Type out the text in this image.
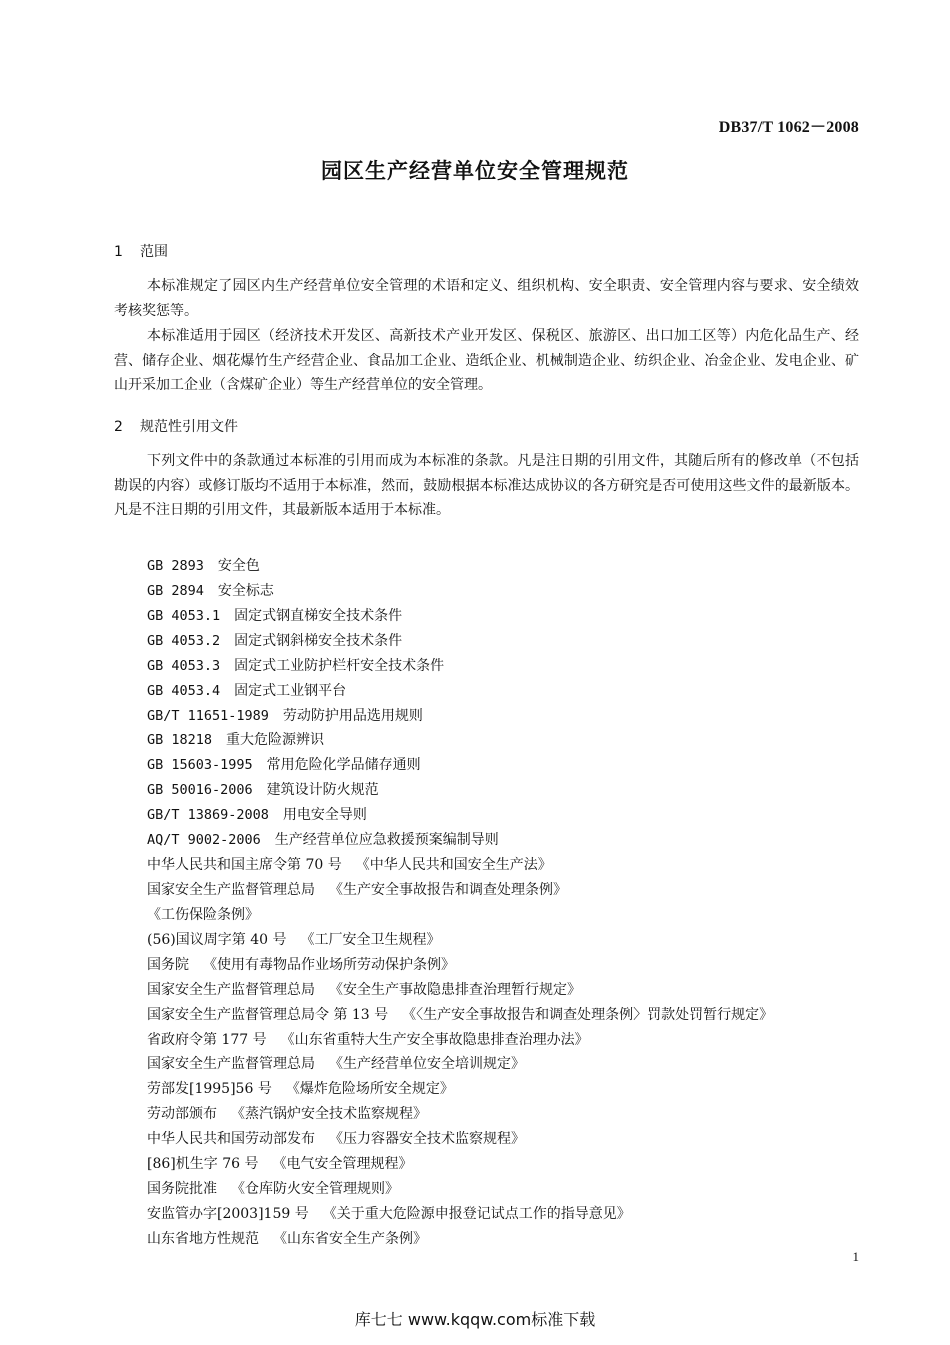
DB37/T 1062－2008
园区生产经营单位安全管理规范
1 范围

本标准规定了园区内生产经营单位安全管理的术语和定义、组织机构、安全职责、安全管理内容与要求、安全绩效考核奖惩等。

本标准适用于园区（经济技术开发区、高新技术产业开发区、保税区、旅游区、出口加工区等）内危化品生产、经营、储存企业、烟花爆竹生产经营企业、食品加工企业、造纸企业、机械制造企业、纺织企业、冶金企业、发电企业、矿山开采加工企业（含煤矿企业）等生产经营单位的安全管理。

2 规范性引用文件

下列文件中的条款通过本标准的引用而成为本标准的条款。凡是注日期的引用文件，其随后所有的修改单（不包括勘误的内容）或修订版均不适用于本标准，然而，鼓励根据本标准达成协议的各方研究是否可使用这些文件的最新版本。凡是不注日期的引用文件，其最新版本适用于本标准。

GB 2893 安全色
GB 2894 安全标志
GB 4053.1 固定式钢直梯安全技术条件
GB 4053.2 固定式钢斜梯安全技术条件
GB 4053.3 固定式工业防护栏杆安全技术条件
GB 4053.4 固定式工业钢平台
GB/T 11651-1989 劳动防护用品选用规则
GB 18218 重大危险源辨识
GB 15603-1995 常用危险化学品储存通则
GB 50016-2006 建筑设计防火规范
GB/T 13869-2008 用电安全导则
AQ/T 9002-2006 生产经营单位应急救援预案编制导则
中华人民共和国主席令第 70 号 《中华人民共和国安全生产法》
国家安全生产监督管理总局 《生产安全事故报告和调查处理条例》
《工伤保险条例》
(56)国议周字第 40 号 《工厂安全卫生规程》
国务院 《使用有毒物品作业场所劳动保护条例》
国家安全生产监督管理总局 《安全生产事故隐患排查治理暂行规定》
国家安全生产监督管理总局令 第 13 号 《〈生产安全事故报告和调查处理条例〉罚款处罚暂行规定》
省政府令第 177 号 《山东省重特大生产安全事故隐患排查治理办法》
国家安全生产监督管理总局 《生产经营单位安全培训规定》
劳部发[1995]56 号 《爆炸危险场所安全规定》
劳动部颁布 《蒸汽锅炉安全技术监察规程》
中华人民共和国劳动部发布 《压力容器安全技术监察规程》
[86]机生字 76 号 《电气安全管理规程》
国务院批准 《仓库防火安全管理规则》
安监管办字[2003]159 号 《关于重大危险源申报登记试点工作的指导意见》
山东省地方性规范 《山东省安全生产条例》
1
库七七 www.kqqw.com标准下载
